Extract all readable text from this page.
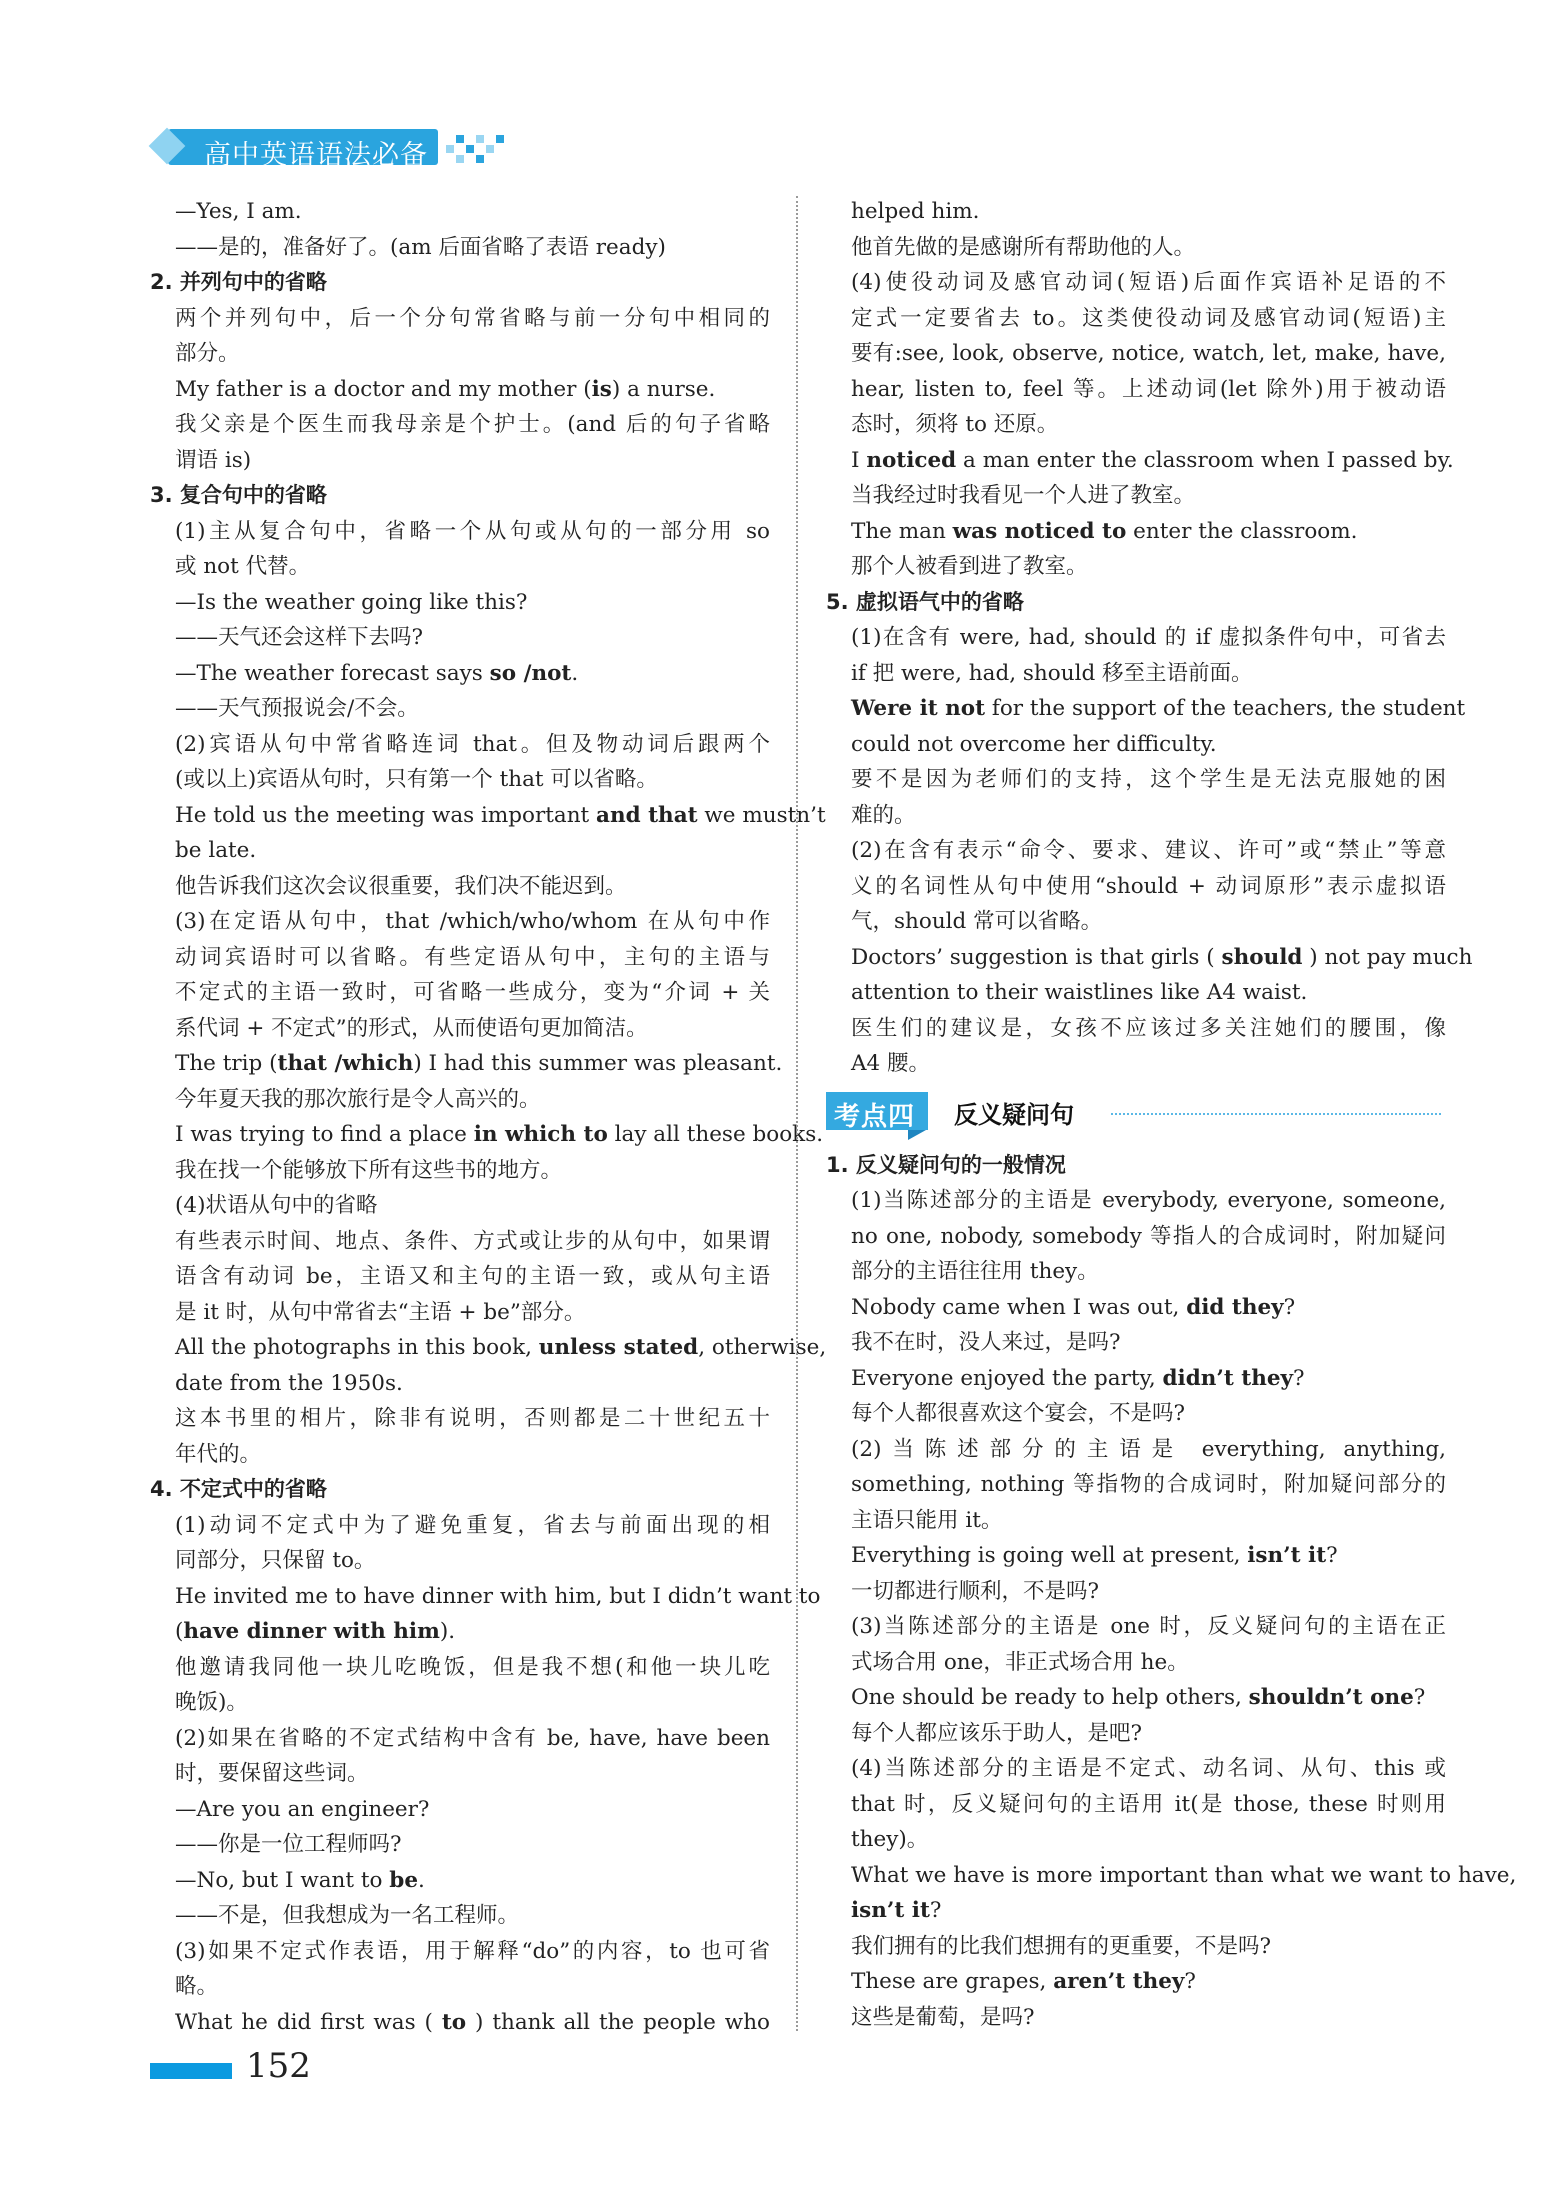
高中英语语法必备
—Yes, I am.
——是的，准备好了。(am 后面省略了表语 ready)
2. 并列句中的省略
两个并列句中，后一个分句常省略与前一分句中相同的
部分。
My father is a doctor and my mother (is) a nurse.
我父亲是个医生而我母亲是个护士。(and 后的句子省略
谓语 is)
3. 复合句中的省略
(1)主从复合句中，省略一个从句或从句的一部分用 so
或 not 代替。
—Is the weather going like this?
——天气还会这样下去吗?
—The weather forecast says so /not.
——天气预报说会/不会。
(2)宾语从句中常省略连词 that。但及物动词后跟两个
(或以上)宾语从句时，只有第一个 that 可以省略。
He told us the meeting was important and that we mustn’t
be late.
他告诉我们这次会议很重要，我们决不能迟到。
(3)在定语从句中，that /which/who/whom 在从句中作
动词宾语时可以省略。有些定语从句中，主句的主语与
不定式的主语一致时，可省略一些成分，变为“介词 + 关
系代词 + 不定式”的形式，从而使语句更加简洁。
The trip (that /which) I had this summer was pleasant.
今年夏天我的那次旅行是令人高兴的。
I was trying to find a place in which to lay all these books.
我在找一个能够放下所有这些书的地方。
(4)状语从句中的省略
有些表示时间、地点、条件、方式或让步的从句中，如果谓
语含有动词 be，主语又和主句的主语一致，或从句主语
是 it 时，从句中常省去“主语 + be”部分。
All the photographs in this book, unless stated, otherwise,
date from the 1950s.
这本书里的相片，除非有说明，否则都是二十世纪五十
年代的。
4. 不定式中的省略
(1)动词不定式中为了避免重复，省去与前面出现的相
同部分，只保留 to。
He invited me to have dinner with him, but I didn’t want to
(have dinner with him).
他邀请我同他一块儿吃晚饭，但是我不想(和他一块儿吃
晚饭)。
(2)如果在省略的不定式结构中含有 be, have, have been
时，要保留这些词。
—Are you an engineer?
——你是一位工程师吗?
—No, but I want to be.
——不是，但我想成为一名工程师。
(3)如果不定式作表语，用于解释“do”的内容，to 也可省
略。
What he did first was ( to ) thank all the people who
helped him.
他首先做的是感谢所有帮助他的人。
(4)使役动词及感官动词(短语)后面作宾语补足语的不
定式一定要省去 to。这类使役动词及感官动词(短语)主
要有:see, look, observe, notice, watch, let, make, have,
hear, listen to, feel 等。上述动词(let 除外)用于被动语
态时，须将 to 还原。
I noticed a man enter the classroom when I passed by.
当我经过时我看见一个人进了教室。
The man was noticed to enter the classroom.
那个人被看到进了教室。
5. 虚拟语气中的省略
(1)在含有 were, had, should 的 if 虚拟条件句中，可省去
if 把 were, had, should 移至主语前面。
Were it not for the support of the teachers, the student
could not overcome her difficulty.
要不是因为老师们的支持，这个学生是无法克服她的困
难的。
(2)在含有表示“命令、要求、建议、许可”或“禁止”等意
义的名词性从句中使用“should + 动词原形”表示虚拟语
气，should 常可以省略。
Doctors’ suggestion is that girls ( should ) not pay much
attention to their waistlines like A4 waist.
医生们的建议是，女孩不应该过多关注她们的腰围，像
A4 腰。
考点四 反义疑问句
1. 反义疑问句的一般情况
(1)当陈述部分的主语是 everybody, everyone, someone,
no one, nobody, somebody 等指人的合成词时，附加疑问
部分的主语往往用 they。
Nobody came when I was out, did they?
我不在时，没人来过，是吗?
Everyone enjoyed the party, didn’t they?
每个人都很喜欢这个宴会，不是吗?
(2)当陈述部分的主语是 everything, anything,
something, nothing 等指物的合成词时，附加疑问部分的
主语只能用 it。
Everything is going well at present, isn’t it?
一切都进行顺利，不是吗?
(3)当陈述部分的主语是 one 时，反义疑问句的主语在正
式场合用 one，非正式场合用 he。
One should be ready to help others, shouldn’t one?
每个人都应该乐于助人，是吧?
(4)当陈述部分的主语是不定式、动名词、从句、this 或
that 时，反义疑问句的主语用 it(是 those, these 时则用
they)。
What we have is more important than what we want to have,
isn’t it?
我们拥有的比我们想拥有的更重要，不是吗?
These are grapes, aren’t they?
这些是葡萄，是吗?
152
